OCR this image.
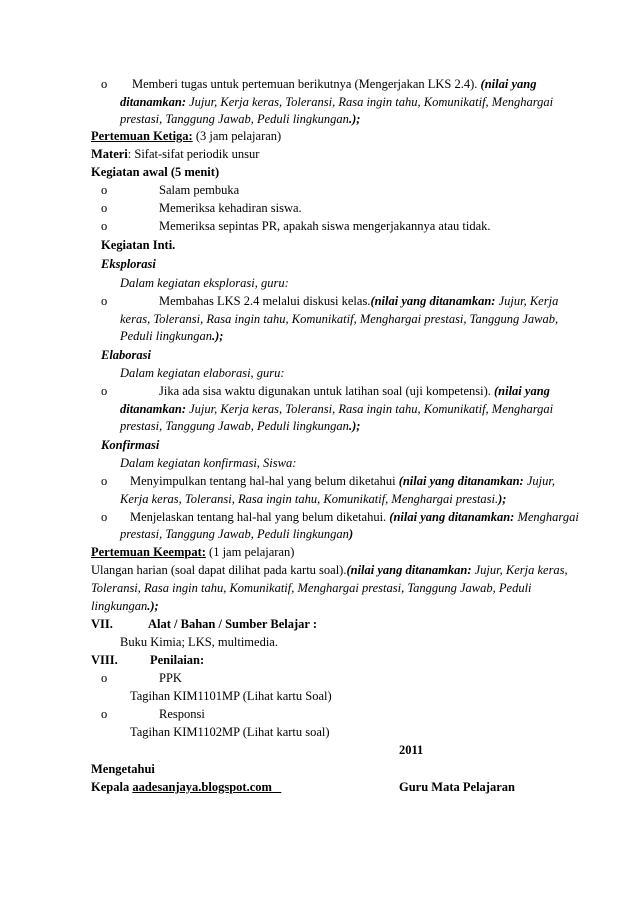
o Memberi tugas untuk pertemuan berikutnya (Mengerjakan LKS 2.4). (nilai yang
ditanamkan: Jujur, Kerja keras, Toleransi, Rasa ingin tahu, Komunikatif, Menghargai
prestasi, Tanggung Jawab, Peduli lingkungan.);
Pertemuan Ketiga: (3 jam pelajaran)
Materi: Sifat-sifat periodik unsur
Kegiatan awal (5 menit)
o	Salam pembuka
o	Memeriksa kehadiran siswa.
o	Memeriksa sepintas PR, apakah siswa mengerjakannya atau tidak.
Kegiatan Inti.
Eksplorasi
Dalam kegiatan eksplorasi, guru:
o	Membahas LKS 2.4 melalui diskusi kelas.(nilai yang ditanamkan: Jujur, Kerja
keras, Toleransi, Rasa ingin tahu, Komunikatif, Menghargai prestasi, Tanggung Jawab,
Peduli lingkungan.);
Elaborasi
Dalam kegiatan elaborasi, guru:
o	Jika ada sisa waktu digunakan untuk latihan soal (uji kompetensi). (nilai yang
ditanamkan: Jujur, Kerja keras, Toleransi, Rasa ingin tahu, Komunikatif, Menghargai
prestasi, Tanggung Jawab, Peduli lingkungan.);
Konfirmasi
Dalam kegiatan konfirmasi, Siswa:
o Menyimpulkan tentang hal-hal yang belum diketahui (nilai yang ditanamkan: Jujur,
Kerja keras, Toleransi, Rasa ingin tahu, Komunikatif, Menghargai prestasi.);
o Menjelaskan tentang hal-hal yang belum diketahui. (nilai yang ditanamkan: Menghargai
prestasi, Tanggung Jawab, Peduli lingkungan)
Pertemuan Keempat: (1 jam pelajaran)
Ulangan harian (soal dapat dilihat pada kartu soal).(nilai yang ditanamkan: Jujur, Kerja keras,
Toleransi, Rasa ingin tahu, Komunikatif, Menghargai prestasi, Tanggung Jawab, Peduli
lingkungan.);
VII.	Alat / Bahan / Sumber Belajar :
Buku Kimia; LKS, multimedia.
VIII.	Penilaian:
o	PPK
Tagihan KIM1101MP (Lihat kartu Soal)
o	Responsi
Tagihan KIM1102MP (Lihat kartu soal)
2011
Mengetahui
Kepala aadesanjaya.blogspot.com	Guru Mata Pelajaran
